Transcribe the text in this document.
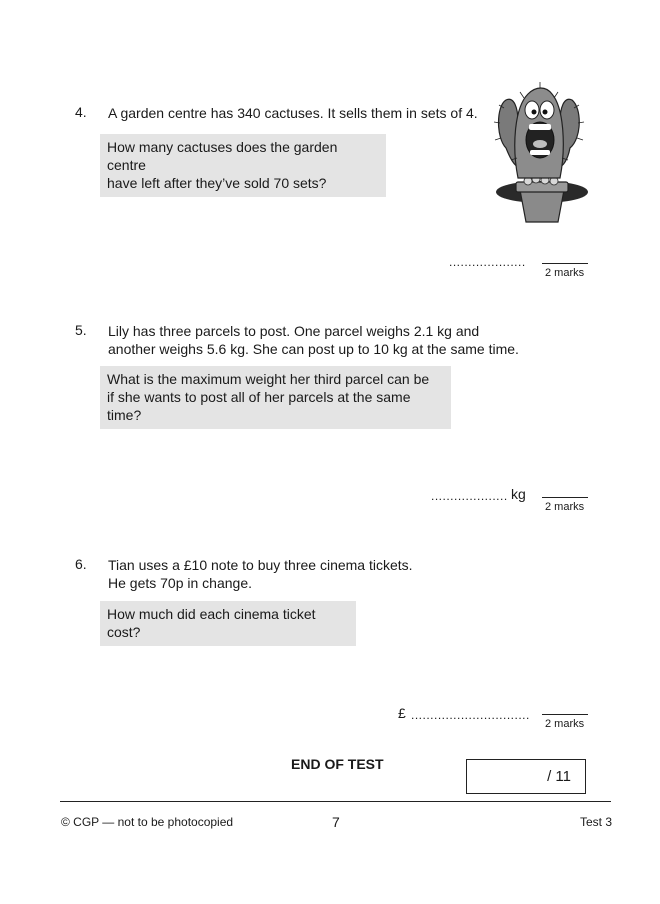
4. A garden centre has 340 cactuses. It sells them in sets of 4.
How many cactuses does the garden centre
have left after they’ve sold 70 sets?
....................
2 marks
5. Lily has three parcels to post. One parcel weighs 2.1 kg and
another weighs 5.6 kg. She can post up to 10 kg at the same time.
What is the maximum weight her third parcel can be
if she wants to post all of her parcels at the same time?
.................... kg
2 marks
6. Tian uses a £10 note to buy three cinema tickets.
He gets 70p in change.
How much did each cinema ticket cost?
£ ...............................
2 marks
END OF TEST
/ 11
© CGP — not to be photocopied	7	Test 3
